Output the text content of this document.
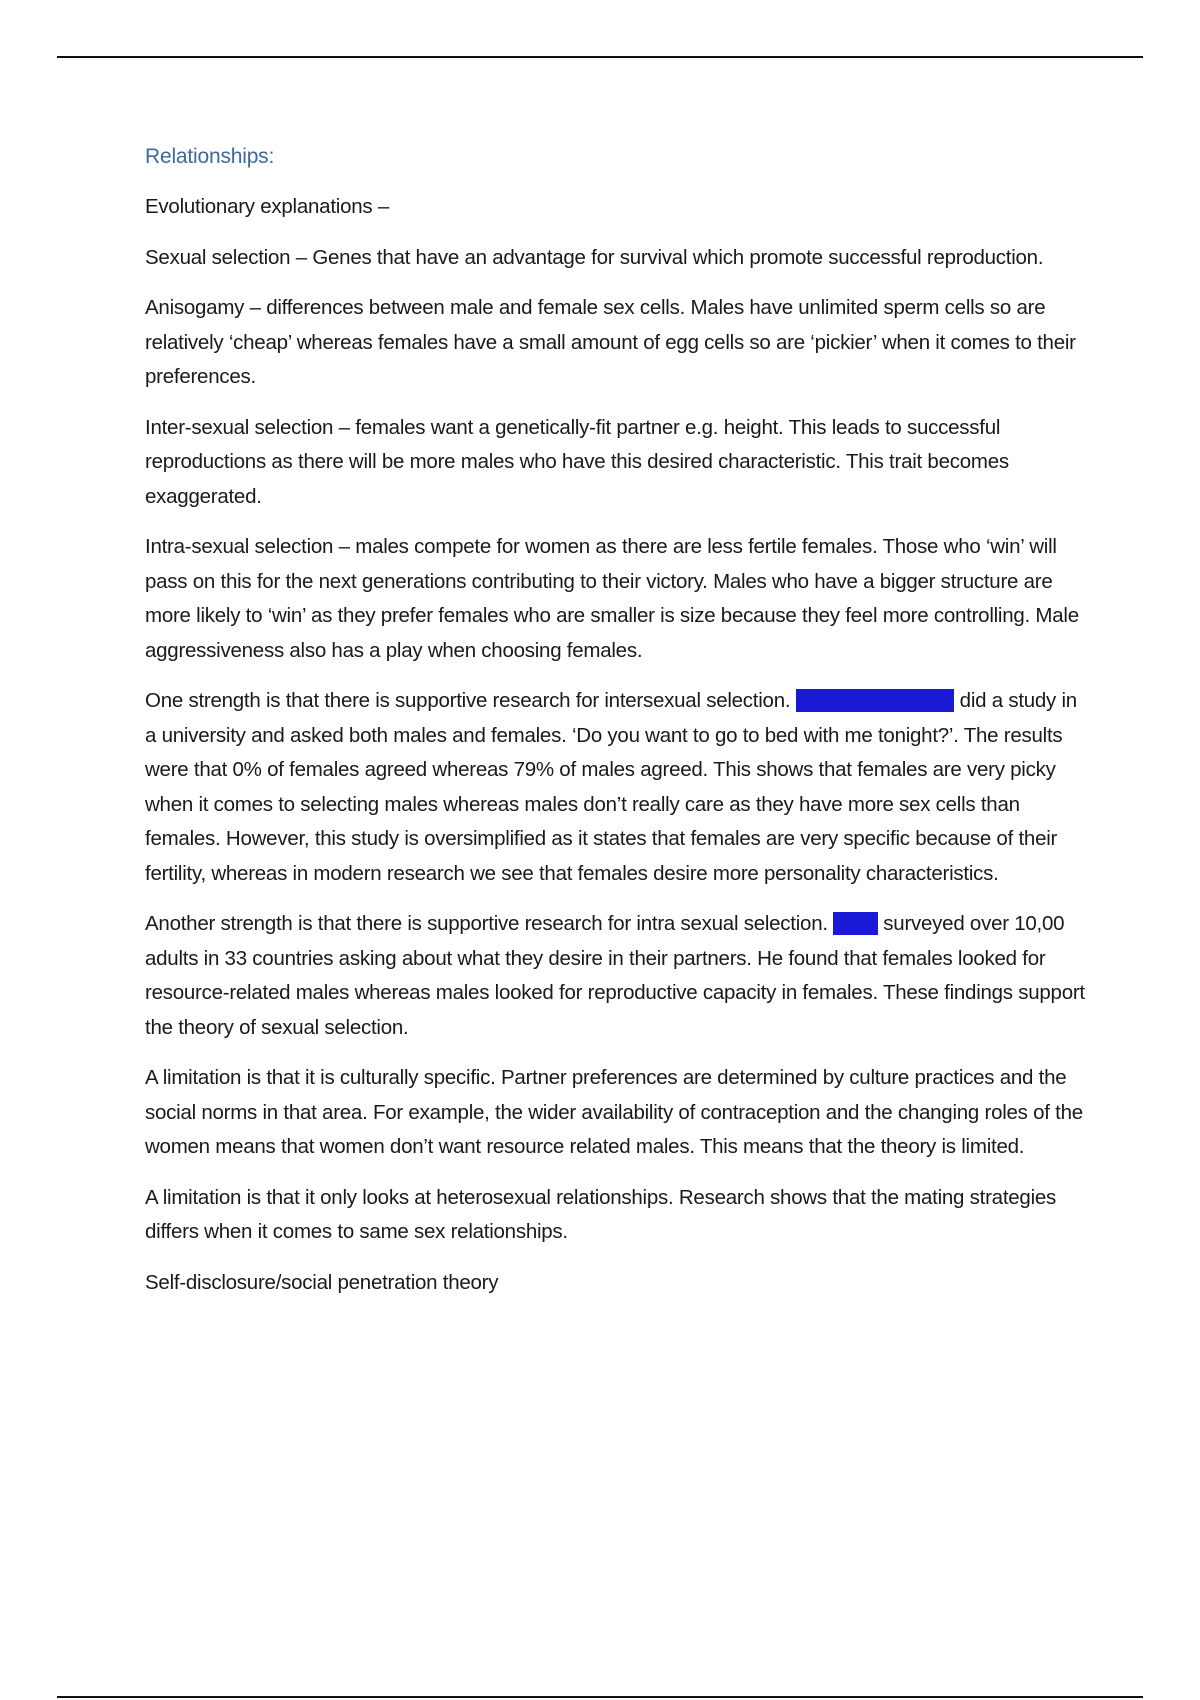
Relationships:

Evolutionary explanations –

Sexual selection – Genes that have an advantage for survival which promote successful reproduction.

Anisogamy – differences between male and female sex cells. Males have unlimited sperm cells so are relatively ‘cheap’ whereas females have a small amount of egg cells so are ‘pickier’ when it comes to their preferences.

Inter-sexual selection – females want a genetically-fit partner e.g. height. This leads to successful reproductions as there will be more males who have this desired characteristic. This trait becomes exaggerated.

Intra-sexual selection – males compete for women as there are less fertile females. Those who ‘win’ will pass on this for the next generations contributing to their victory. Males who have a bigger structure are more likely to ‘win’ as they prefer females who are smaller is size because they feel more controlling. Male aggressiveness also has a play when choosing females.

One strength is that there is supportive research for intersexual selection. Clark and Hatfield did a study in a university and asked both males and females. ‘Do you want to go to bed with me tonight?’. The results were that 0% of females agreed whereas 79% of males agreed. This shows that females are very picky when it comes to selecting males whereas males don’t really care as they have more sex cells than females. However, this study is oversimplified as it states that females are very specific because of their fertility, whereas in modern research we see that females desire more personality characteristics.

Another strength is that there is supportive research for intra sexual selection. Buss surveyed over 10,00 adults in 33 countries asking about what they desire in their partners. He found that females looked for resource-related males whereas males looked for reproductive capacity in females. These findings support the theory of sexual selection.

A limitation is that it is culturally specific. Partner preferences are determined by culture practices and the social norms in that area. For example, the wider availability of contraception and the changing roles of the women means that women don’t want resource related males. This means that the theory is limited.

A limitation is that it only looks at heterosexual relationships. Research shows that the mating strategies differs when it comes to same sex relationships.

Self-disclosure/social penetration theory
